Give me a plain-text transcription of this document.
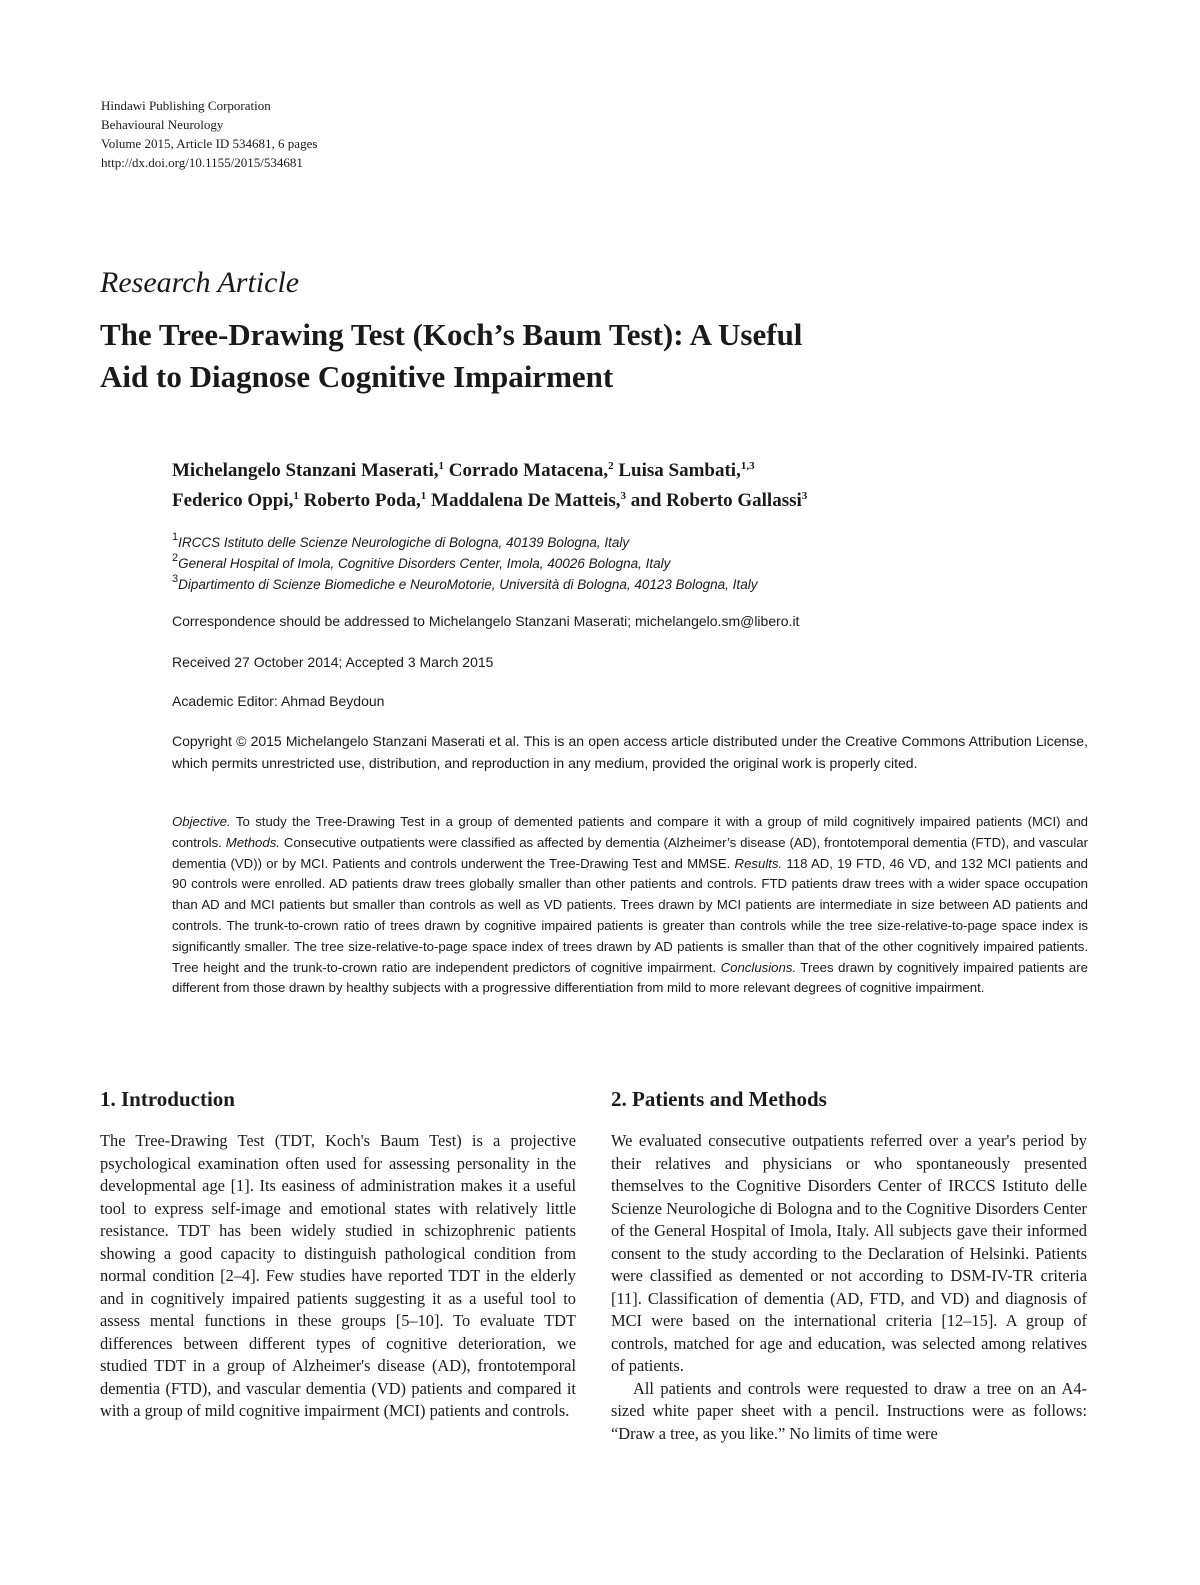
Hindawi Publishing Corporation
Behavioural Neurology
Volume 2015, Article ID 534681, 6 pages
http://dx.doi.org/10.1155/2015/534681
Research Article
The Tree-Drawing Test (Koch’s Baum Test): A Useful
Aid to Diagnose Cognitive Impairment
Michelangelo Stanzani Maserati,$^1$ Corrado Matacena,$^2$ Luisa Sambati,$^{1,3}$
Federico Oppi,$^1$ Roberto Poda,$^1$ Maddalena De Matteis,$^3$ and Roberto Gallassi$^3$
$^1$IRCCS Istituto delle Scienze Neurologiche di Bologna, 40139 Bologna, Italy
$^2$General Hospital of Imola, Cognitive Disorders Center, Imola, 40026 Bologna, Italy
$^3$Dipartimento di Scienze Biomediche e NeuroMotorie, Università di Bologna, 40123 Bologna, Italy
Correspondence should be addressed to Michelangelo Stanzani Maserati; michelangelo.sm@libero.it
Received 27 October 2014; Accepted 3 March 2015
Academic Editor: Ahmad Beydoun
Copyright © 2015 Michelangelo Stanzani Maserati et al. This is an open access article distributed under the Creative Commons Attribution License, which permits unrestricted use, distribution, and reproduction in any medium, provided the original work is properly cited.
Objective. To study the Tree-Drawing Test in a group of demented patients and compare it with a group of mild cognitively impaired patients (MCI) and controls. Methods. Consecutive outpatients were classified as affected by dementia (Alzheimer’s disease (AD), frontotemporal dementia (FTD), and vascular dementia (VD)) or by MCI. Patients and controls underwent the Tree-Drawing Test and MMSE. Results. 118 AD, 19 FTD, 46 VD, and 132 MCI patients and 90 controls were enrolled. AD patients draw trees globally smaller than other patients and controls. FTD patients draw trees with a wider space occupation than AD and MCI patients but smaller than controls as well as VD patients. Trees drawn by MCI patients are intermediate in size between AD patients and controls. The trunk-to-crown ratio of trees drawn by cognitive impaired patients is greater than controls while the tree size-relative-to-page space index is significantly smaller. The tree size-relative-to-page space index of trees drawn by AD patients is smaller than that of the other cognitively impaired patients. Tree height and the trunk-to-crown ratio are independent predictors of cognitive impairment. Conclusions. Trees drawn by cognitively impaired patients are different from those drawn by healthy subjects with a progressive differentiation from mild to more relevant degrees of cognitive impairment.
1. Introduction

The Tree-Drawing Test (TDT, Koch's Baum Test) is a projective psychological examination often used for assessing personality in the developmental age [1]. Its easiness of administration makes it a useful tool to express self-image and emotional states with relatively little resistance. TDT has been widely studied in schizophrenic patients showing a good capacity to distinguish pathological condition from normal condition [2–4]. Few studies have reported TDT in the elderly and in cognitively impaired patients suggesting it as a useful tool to assess mental functions in these groups [5–10]. To evaluate TDT differences between different types of cognitive deterioration, we studied TDT in a group of Alzheimer's disease (AD), frontotemporal dementia (FTD), and vascular dementia (VD) patients and compared it with a group of mild cognitive impairment (MCI) patients and controls.

2. Patients and Methods

We evaluated consecutive outpatients referred over a year's period by their relatives and physicians or who spontaneously presented themselves to the Cognitive Disorders Center of IRCCS Istituto delle Scienze Neurologiche di Bologna and to the Cognitive Disorders Center of the General Hospital of Imola, Italy. All subjects gave their informed consent to the study according to the Declaration of Helsinki. Patients were classified as demented or not according to DSM-IV-TR criteria [11]. Classification of dementia (AD, FTD, and VD) and diagnosis of MCI were based on the international criteria [12–15]. A group of controls, matched for age and education, was selected among relatives of patients.

All patients and controls were requested to draw a tree on an A4-sized white paper sheet with a pencil. Instructions were as follows: “Draw a tree, as you like.” No limits of time were
